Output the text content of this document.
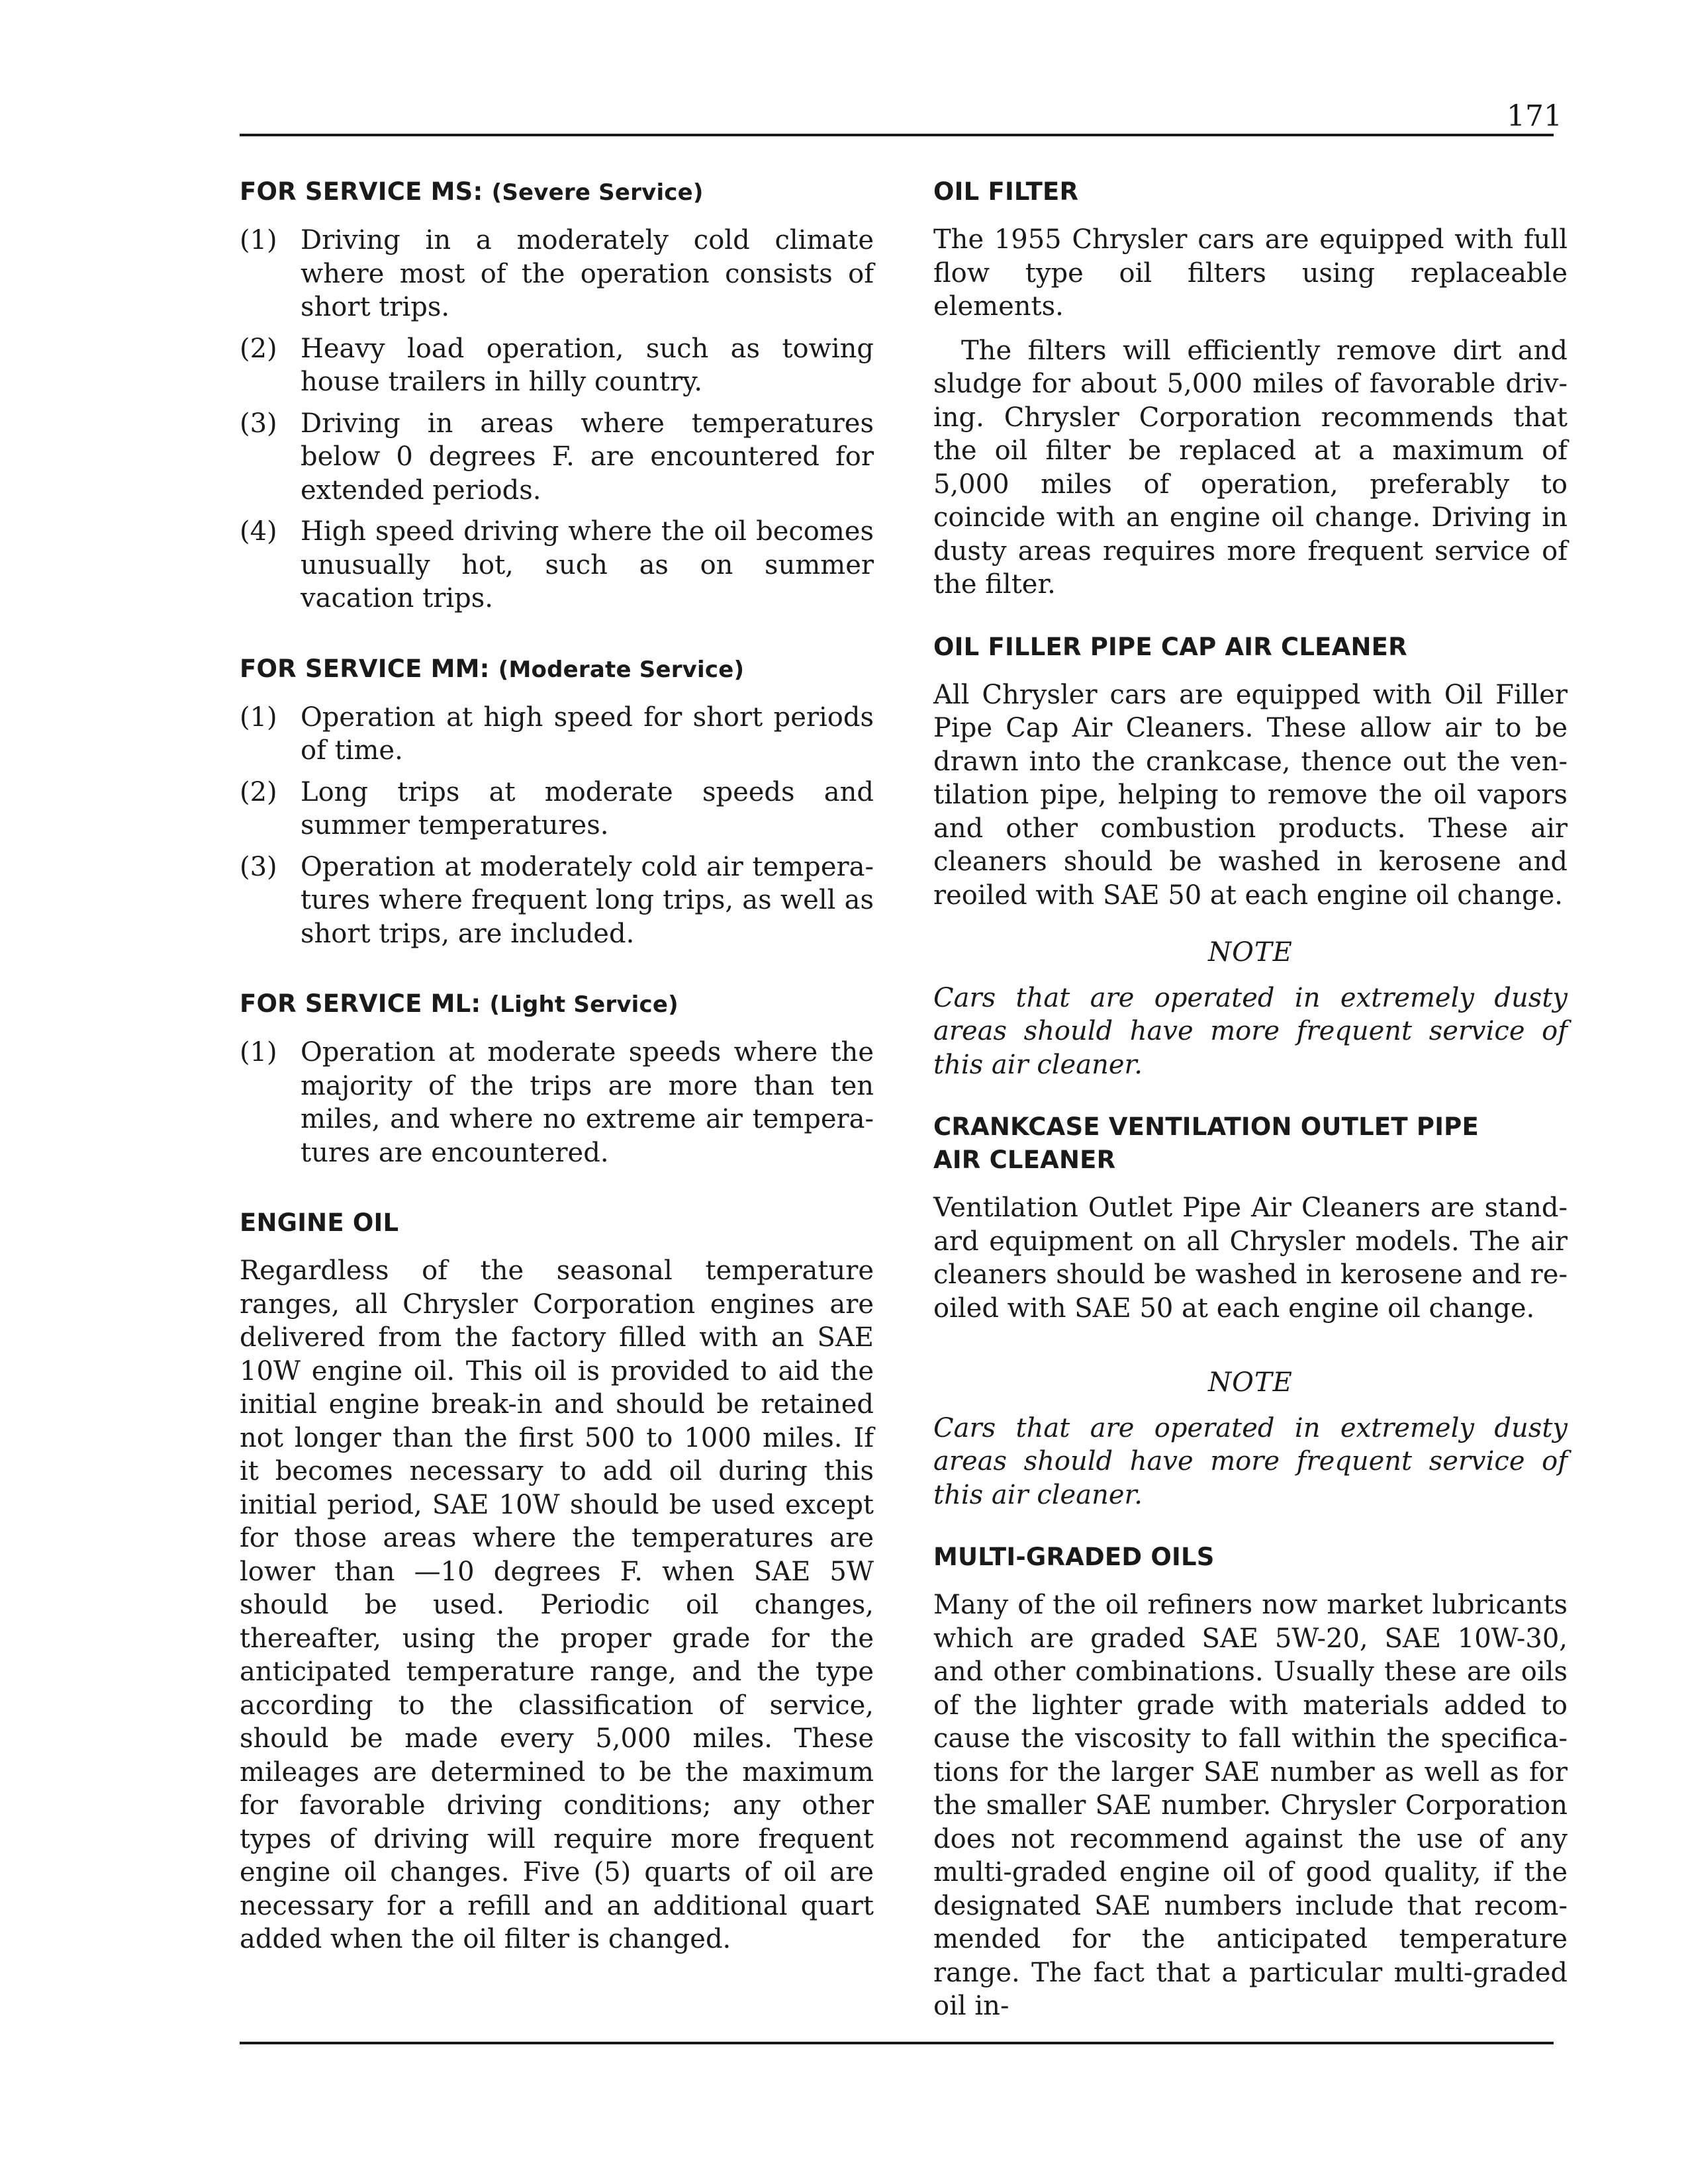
171
FOR SERVICE MS: (Severe Service)
(1) Driving in a moderately cold climate where most of the operation consists of short trips.
(2) Heavy load operation, such as towing house trailers in hilly country.
(3) Driving in areas where temperatures below 0 degrees F. are encountered for extended periods.
(4) High speed driving where the oil becomes unusually hot, such as on summer vacation trips.
FOR SERVICE MM: (Moderate Service)
(1) Operation at high speed for short periods of time.
(2) Long trips at moderate speeds and summer temperatures.
(3) Operation at moderately cold air temperatures where frequent long trips, as well as short trips, are included.
FOR SERVICE ML: (Light Service)
(1) Operation at moderate speeds where the majority of the trips are more than ten miles, and where no extreme air temperatures are encountered.
ENGINE OIL

Regardless of the seasonal temperature ranges, all Chrysler Corporation engines are delivered from the factory filled with an SAE 10W engine oil. This oil is provided to aid the initial engine break-in and should be retained not longer than the first 500 to 1000 miles. If it becomes necessary to add oil during this initial period, SAE 10W should be used except for those areas where the temperatures are lower than —10 degrees F. when SAE 5W should be used. Periodic oil changes, thereafter, using the proper grade for the anticipated temperature range, and the type according to the classification of service, should be made every 5,000 miles. These mileages are determined to be the maximum for favorable driving conditions; any other types of driving will require more frequent engine oil changes. Five (5) quarts of oil are necessary for a refill and an additional quart added when the oil filter is changed.

OIL FILTER

The 1955 Chrysler cars are equipped with full flow type oil filters using replaceable elements.

The filters will efficiently remove dirt and sludge for about 5,000 miles of favorable driving. Chrysler Corporation recommends that the oil filter be replaced at a maximum of 5,000 miles of operation, preferably to coincide with an engine oil change. Driving in dusty areas requires more frequent service of the filter.

OIL FILLER PIPE CAP AIR CLEANER

All Chrysler cars are equipped with Oil Filler Pipe Cap Air Cleaners. These allow air to be drawn into the crankcase, thence out the ventilation pipe, helping to remove the oil vapors and other combustion products. These air cleaners should be washed in kerosene and reoiled with SAE 50 at each engine oil change.

NOTE

Cars that are operated in extremely dusty areas should have more frequent service of this air cleaner.

CRANKCASE VENTILATION OUTLET PIPE
AIR CLEANER

Ventilation Outlet Pipe Air Cleaners are standard equipment on all Chrysler models. The air cleaners should be washed in kerosene and reoiled with SAE 50 at each engine oil change.

NOTE

Cars that are operated in extremely dusty areas should have more frequent service of this air cleaner.

MULTI-GRADED OILS

Many of the oil refiners now market lubricants which are graded SAE 5W-20, SAE 10W-30, and other combinations. Usually these are oils of the lighter grade with materials added to cause the viscosity to fall within the specifications for the larger SAE number as well as for the smaller SAE number. Chrysler Corporation does not recommend against the use of any multi-graded engine oil of good quality, if the designated SAE numbers include that recommended for the anticipated temperature range. The fact that a particular multi-graded oil in-
